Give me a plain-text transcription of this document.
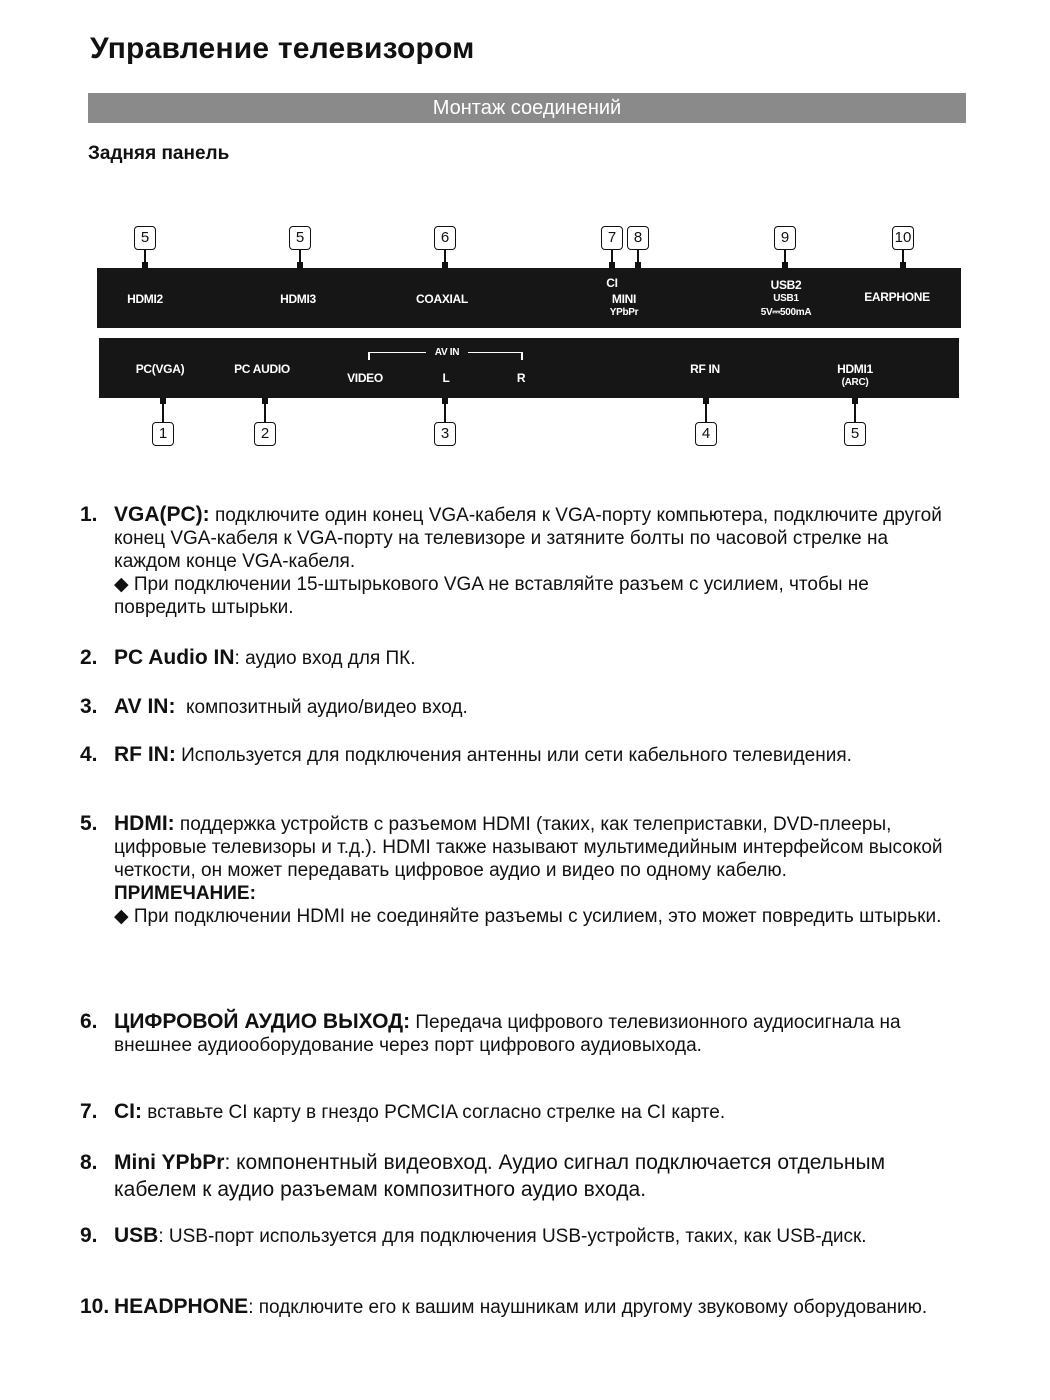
Управление телевизором
Монтаж соединений
Задняя панель
5	5	6	7	8	9	10
HDMI2	HDMI3	COAXIAL
CI
MINI
YPbPr
USB2
USB1
5V⎓500mA
EARPHONE
PC(VGA)	PC AUDIO
AV IN
VIDEO	L	R
RF IN	HDMI1
(ARC)
1	2	3	4	5
1. VGA(PC): подключите один конец VGA-кабеля к VGA-порту компьютера, подключите другой конец VGA-кабеля к VGA-порту на телевизоре и затяните болты по часовой стрелке на каждом конце VGA-кабеля.
◆ При подключении 15-штырькового VGA не вставляйте разъем с усилием, чтобы не повредить штырьки.
2. PC Audio IN: аудио вход для ПК.
3. AV IN:  композитный аудио/видео вход.
4. RF IN: Используется для подключения антенны или сети кабельного телевидения.
5. HDMI: поддержка устройств с разъемом HDMI (таких, как телеприставки, DVD-плееры, цифровые телевизоры и т.д.). HDMI также называют мультимедийным интерфейсом высокой четкости, он может передавать цифровое аудио и видео по одному кабелю.
ПРИМЕЧАНИЕ:
◆ При подключении HDMI не соединяйте разъемы с усилием, это может повредить штырьки.
6. ЦИФРОВОЙ АУДИО ВЫХОД: Передача цифрового телевизионного аудиосигнала на внешнее аудиооборудование через порт цифрового аудиовыхода.
7. CI: вставьте CI карту в гнездо PCMCIA согласно стрелке на CI карте.
8. Mini YPbPr: компонентный видеовход. Аудио сигнал подключается отдельным кабелем к аудио разъемам композитного аудио входа.
9. USB: USB-порт используется для подключения USB-устройств, таких, как USB-диск.
10. HEADPHONE: подключите его к вашим наушникам или другому звуковому оборудованию.
